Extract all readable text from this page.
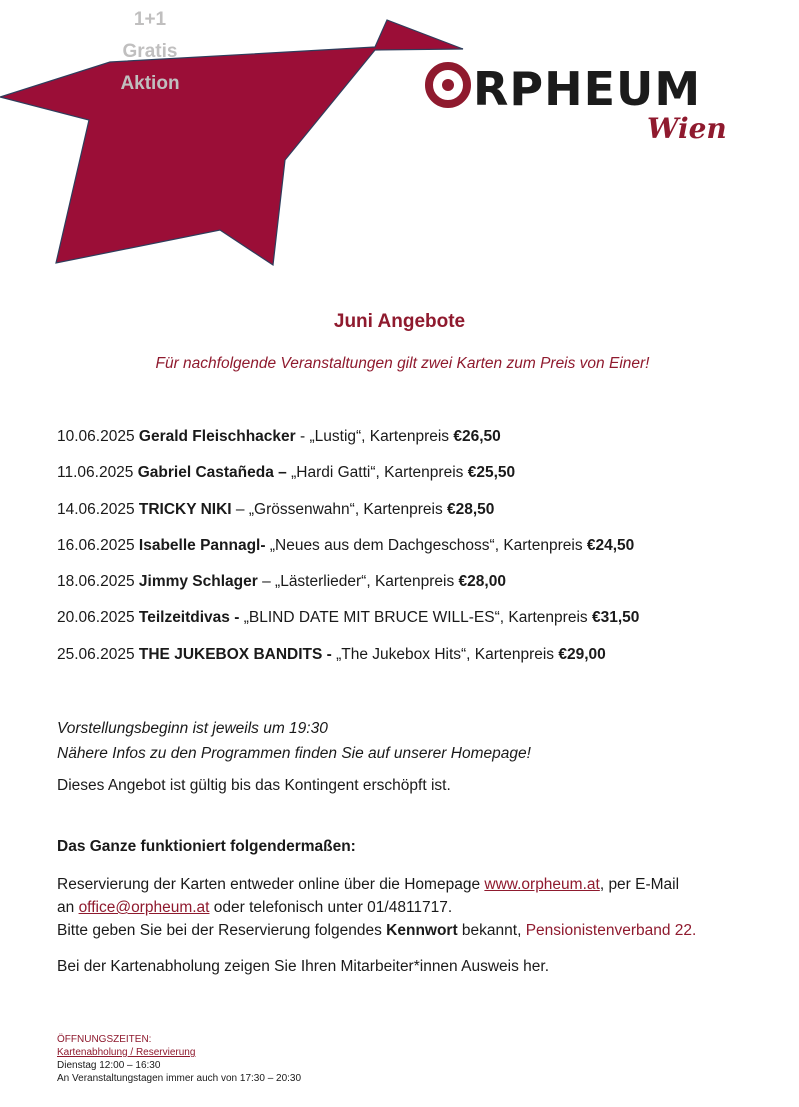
1+1
Gratis
Aktion	RPHEUM
Wien
Juni Angebote
Für nachfolgende Veranstaltungen gilt zwei Karten zum Preis von Einer!
10.06.2025 Gerald Fleischhacker - „Lustig“, Kartenpreis €26,50
11.06.2025 Gabriel Castañeda – „Hardi Gatti“, Kartenpreis €25,50
14.06.2025 TRICKY NIKI – „Grössenwahn“, Kartenpreis €28,50
16.06.2025 Isabelle Pannagl- „Neues aus dem Dachgeschoss“, Kartenpreis €24,50
18.06.2025 Jimmy Schlager – „Lästerlieder“, Kartenpreis €28,00
20.06.2025 Teilzeitdivas - „BLIND DATE MIT BRUCE WILL-ES“, Kartenpreis €31,50
25.06.2025 THE JUKEBOX BANDITS - „The Jukebox Hits“, Kartenpreis €29,00

Vorstellungsbeginn ist jeweils um 19:30

Nähere Infos zu den Programmen finden Sie auf unserer Homepage!

Dieses Angebot ist gültig bis das Kontingent erschöpft ist.

Das Ganze funktioniert folgendermaßen:
Reservierung der Karten entweder online über die Homepage www.orpheum.at, per E-Mail
an office@orpheum.at oder telefonisch unter 01/4811717.
Bitte geben Sie bei der Reservierung folgendes Kennwort bekannt, Pensionistenverband 22.
Bei der Kartenabholung zeigen Sie Ihren Mitarbeiter*innen Ausweis her.
ÖFFNUNGSZEITEN:
Kartenabholung / Reservierung
Dienstag 12:00 – 16:30
An Veranstaltungstagen immer auch von 17:30 – 20:30
